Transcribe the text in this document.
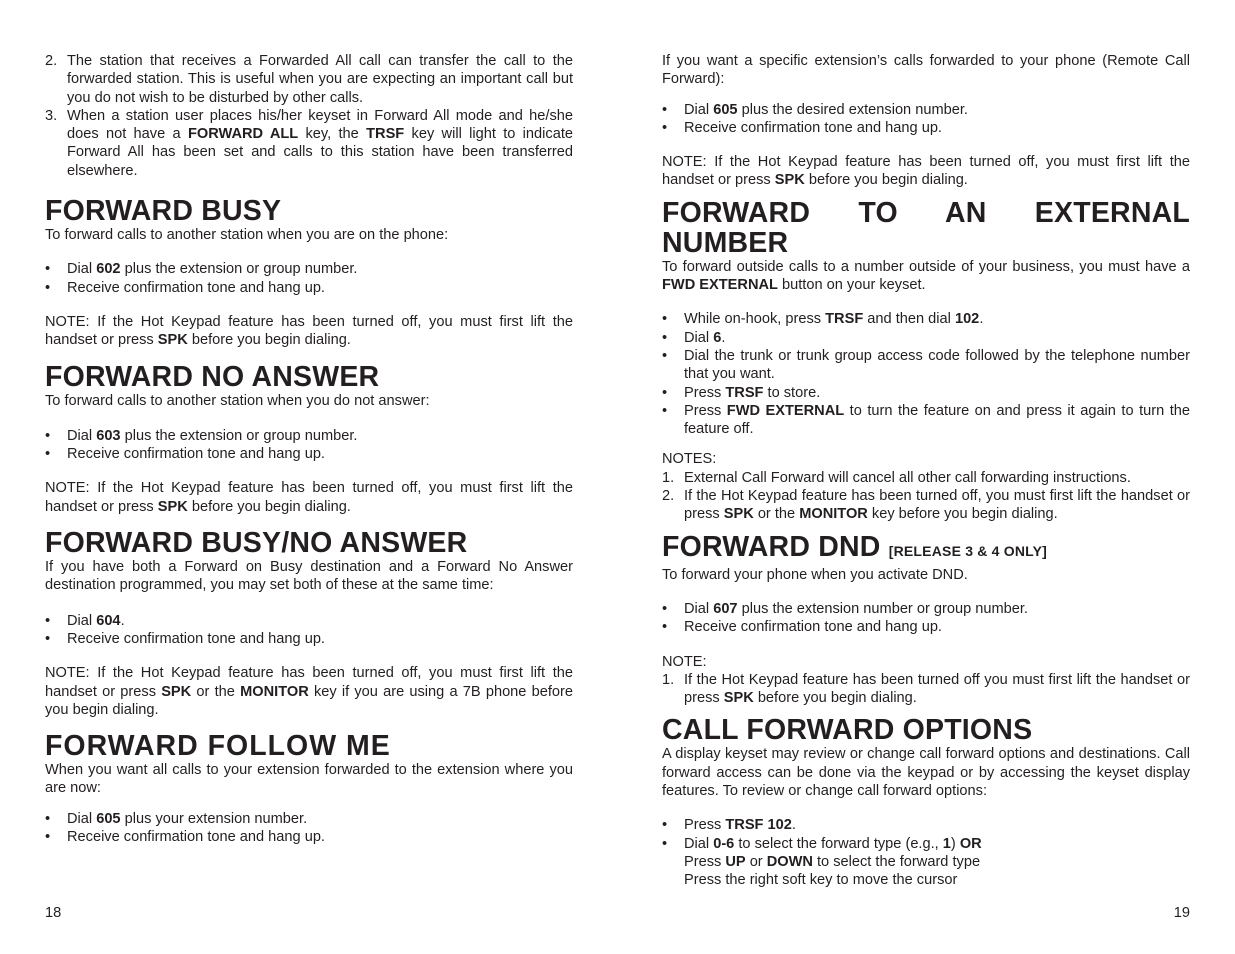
2. The station that receives a Forwarded All call can transfer the call to the forwarded station. This is useful when you are expecting an important call but you do not wish to be disturbed by other calls.
3. When a station user places his/her keyset in Forward All mode and he/she does not have a FORWARD ALL key, the TRSF key will light to indicate Forward All has been set and calls to this station have been transferred elsewhere.
FORWARD BUSY

To forward calls to another station when you are on the phone:

• Dial 602 plus the extension or group number.
• Receive confirmation tone and hang up.

NOTE: If the Hot Keypad feature has been turned off, you must first lift the handset or press SPK before you begin dialing.

FORWARD NO ANSWER

To forward calls to another station when you do not answer:

• Dial 603 plus the extension or group number.
• Receive confirmation tone and hang up.

NOTE: If the Hot Keypad feature has been turned off, you must first lift the handset or press SPK before you begin dialing.

FORWARD BUSY/NO ANSWER

If you have both a Forward on Busy destination and a Forward No Answer destination programmed, you may set both of these at the same time:

• Dial 604.
• Receive confirmation tone and hang up.

NOTE: If the Hot Keypad feature has been turned off, you must first lift the handset or press SPK or the MONITOR key if you are using a 7B phone before you begin dialing.

FORWARD FOLLOW ME

When you want all calls to your extension forwarded to the extension where you are now:

• Dial 605 plus your extension number.
• Receive confirmation tone and hang up.
18

If you want a specific extension’s calls forwarded to your phone (Remote Call Forward):

• Dial 605 plus the desired extension number.
• Receive confirmation tone and hang up.

NOTE: If the Hot Keypad feature has been turned off, you must first lift the handset or press SPK before you begin dialing.

FORWARD TO AN EXTERNAL NUMBER

To forward outside calls to a number outside of your business, you must have a FWD EXTERNAL button on your keyset.

• While on-hook, press TRSF and then dial 102.
• Dial 6.
• Dial the trunk or trunk group access code followed by the telephone number that you want.
• Press TRSF to store.
• Press FWD EXTERNAL to turn the feature on and press it again to turn the feature off.

NOTES:

1. External Call Forward will cancel all other call forwarding instructions.
2. If the Hot Keypad feature has been turned off, you must first lift the handset or press SPK or the MONITOR key before you begin dialing.
FORWARD DND [RELEASE 3 & 4 ONLY]

To forward your phone when you activate DND.

• Dial 607 plus the extension number or group number.
• Receive confirmation tone and hang up.

NOTE:

1. If the Hot Keypad feature has been turned off you must first lift the handset or press SPK before you begin dialing.
CALL FORWARD OPTIONS

A display keyset may review or change call forward options and destinations. Call forward access can be done via the keypad or by accessing the keyset display features. To review or change call forward options:

• Press TRSF 102.
• Dial 0-6 to select the forward type (e.g., 1) OR
Press UP or DOWN to select the forward type
Press the right soft key to move the cursor
19
